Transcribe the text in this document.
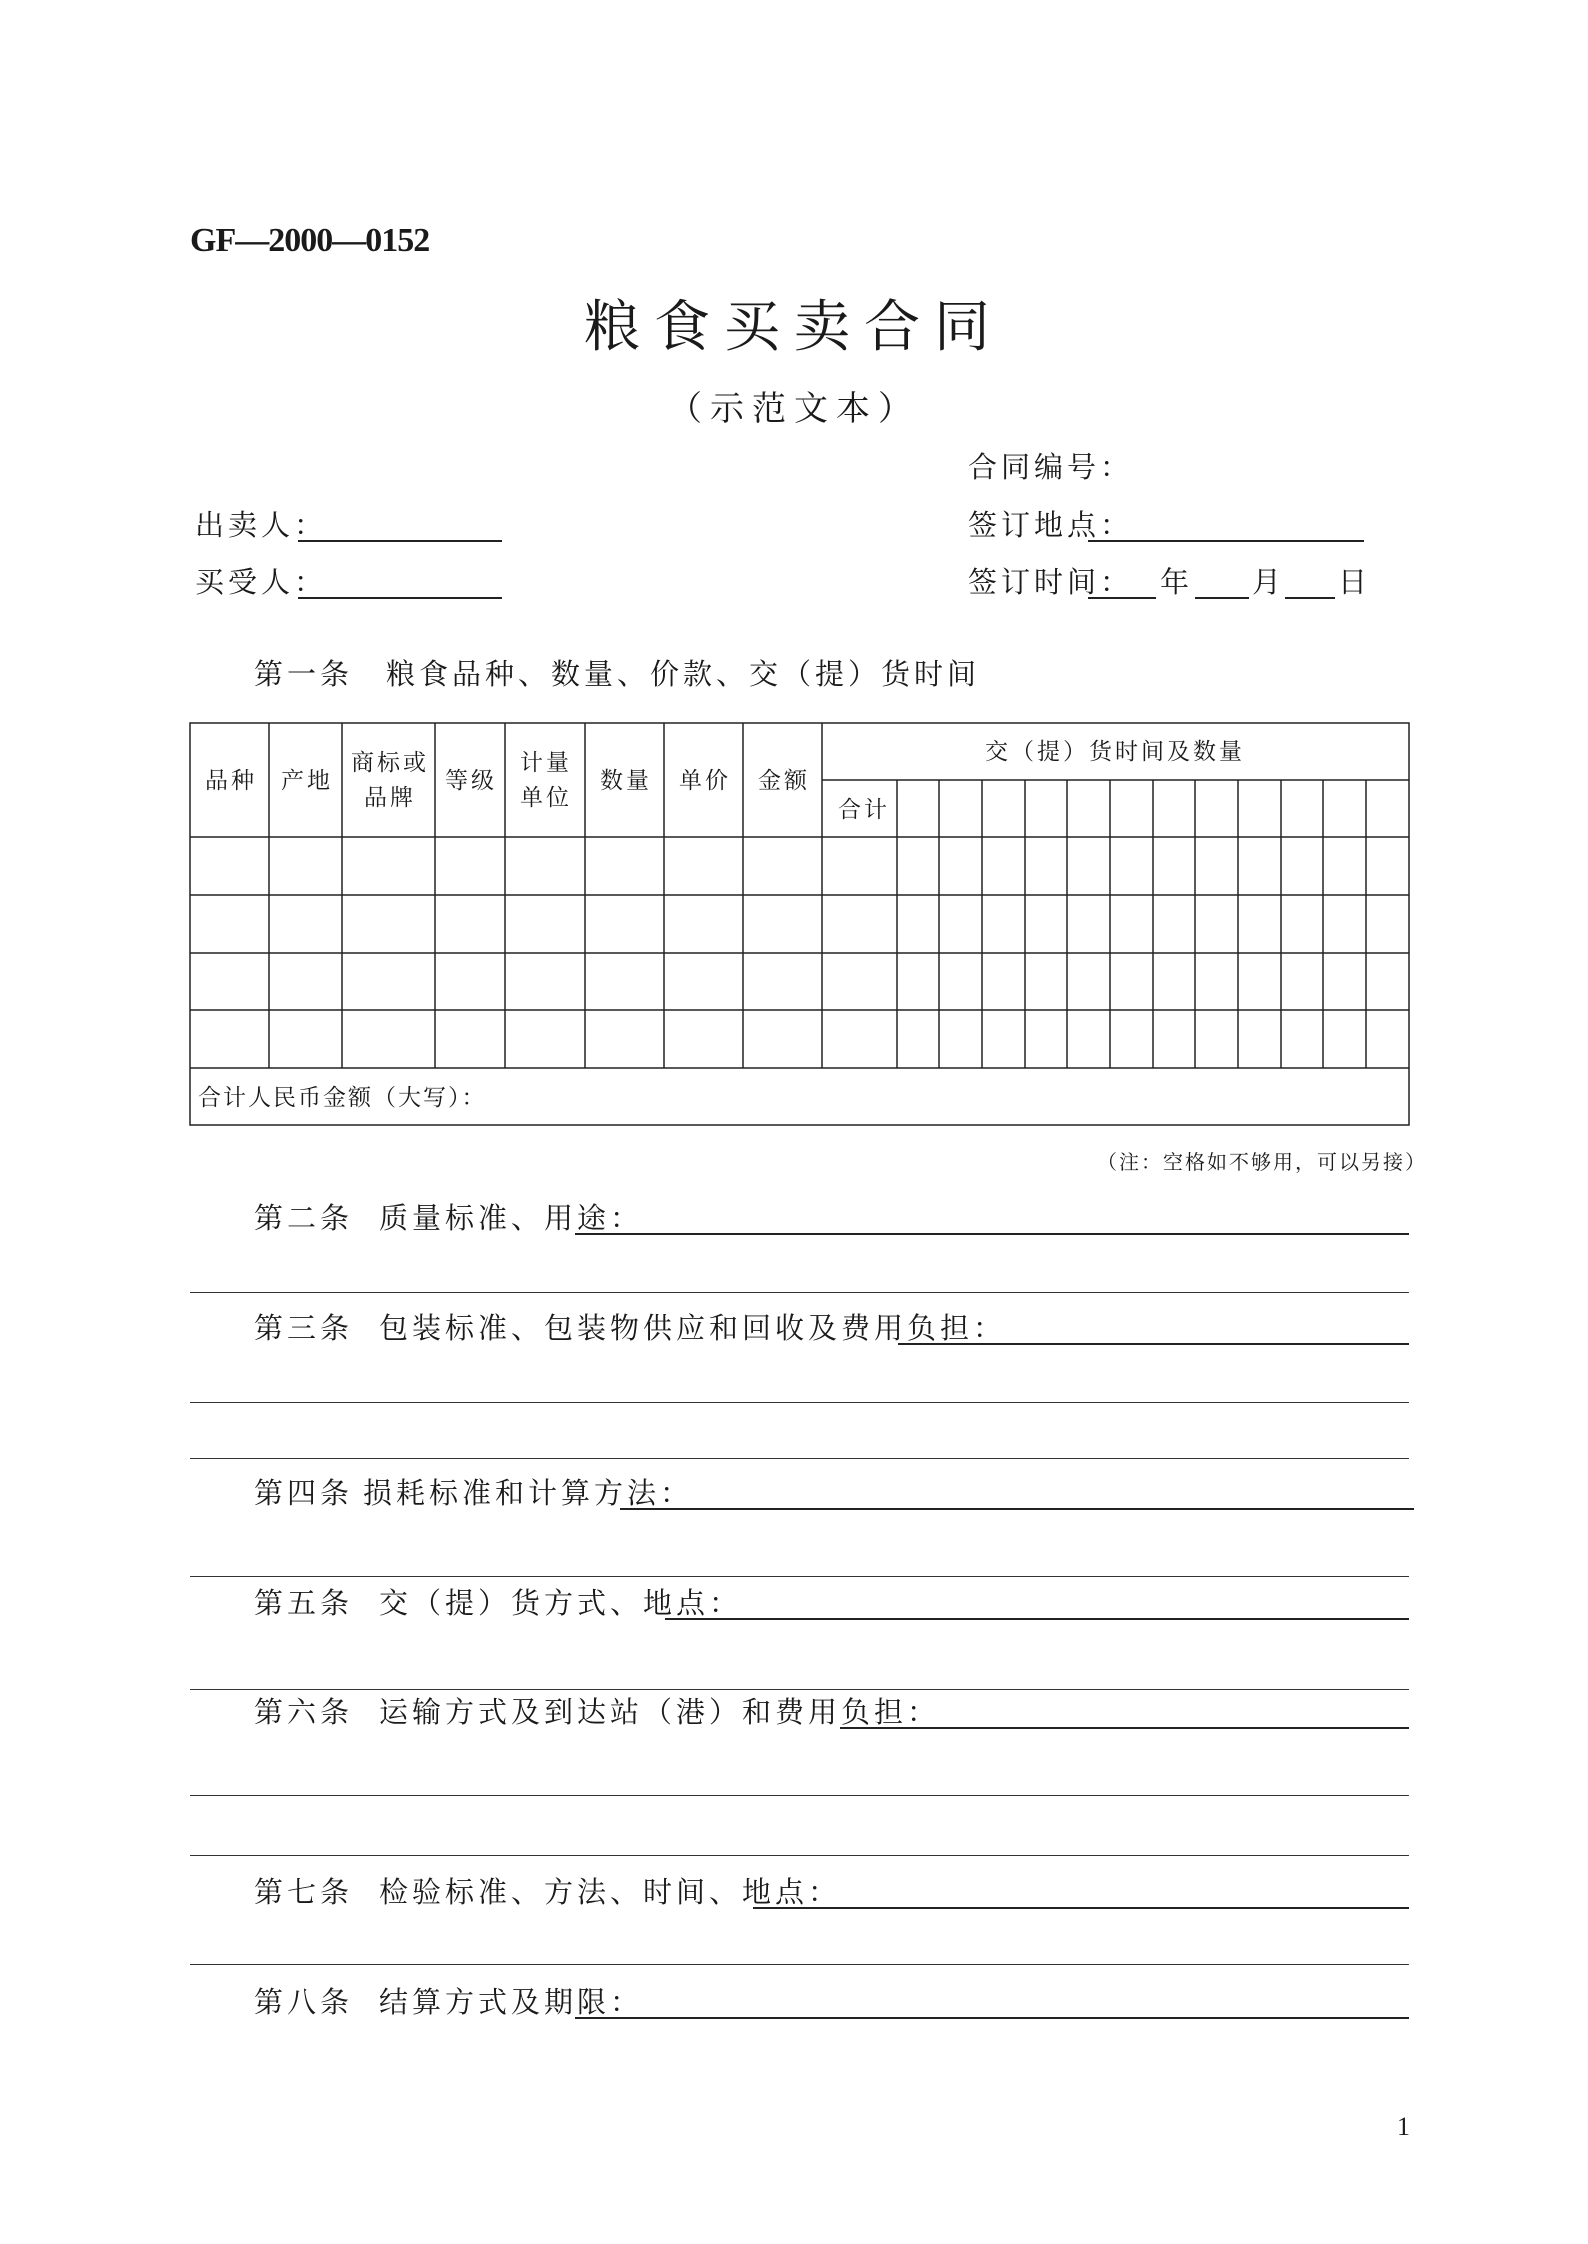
GF—2000—0152
粮食买卖合同
（示范文本）
合同编号：
出卖人：	签订地点：
买受人：	签订时间： 年 月 日
第一条　粮食品种、数量、价款、交（提）货时间
品种 产地
商标或
品牌
等级
计量
单位
数量 单价 金额
交（提）货时间及数量
合计
合计人民币金额（大写）：
（注：空格如不够用，可以另接）
第二条 质量标准、用途：
第三条 包装标准、包装物供应和回收及费用负担：
第四条 损耗标准和计算方法：
第五条 交（提）货方式、地点：
第六条 运输方式及到达站（港）和费用负担：
第七条 检验标准、方法、时间、地点：
第八条 结算方式及期限：
1
